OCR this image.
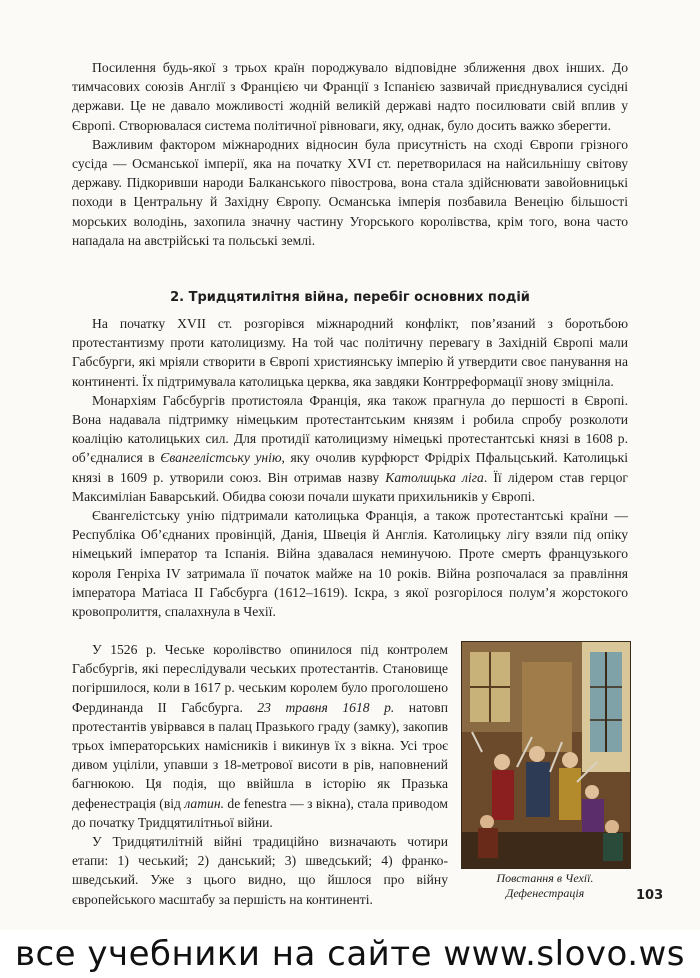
Посилення будь-якої з трьох країн породжувало відповідне зближення двох інших. До тимчасових союзів Англії з Францією чи Франції з Іспанією зазвичай приєднувалися сусідні держави. Це не давало можливості жодній великій державі надто посилювати свій вплив у Європі. Створювалася система політичної рівноваги, яку, однак, було досить важко зберегти.

Важливим фактором міжнародних відносин була присутність на сході Європи грізного сусіда — Османської імперії, яка на початку XVI ст. перетворилася на найсильнішу світову державу. Підкоривши народи Балканського півострова, вона стала здійснювати завойовницькі походи в Центральну й Західну Європу. Османська імперія позбавила Венецію більшості морських володінь, захопила значну частину Угорського королівства, крім того, вона часто нападала на австрійські та польські землі.

2. Тридцятилітня війна, перебіг основних подій

На початку XVII ст. розгорівся міжнародний конфлікт, пов’язаний з боротьбою протестантизму проти католицизму. На той час політичну перевагу в Західній Європі мали Габсбурги, які мріяли створити в Європі християнську імперію й утвердити своє панування на континенті. Їх підтримувала католицька церква, яка завдяки Контрреформації знову зміцніла.

Монархіям Габсбургів протистояла Франція, яка також прагнула до першості в Європі. Вона надавала підтримку німецьким протестантським князям і робила спробу розколоти коаліцію католицьких сил. Для протидії католицизму німецькі протестантські князі в 1608 р. об’єдналися в Євангелістську унію, яку очолив курфюрст Фрідріх Пфальцський. Католицькі князі в 1609 р. утворили союз. Він отримав назву Католицька ліга. Її лідером став герцог Максиміліан Баварський. Обидва союзи почали шукати прихильників у Європі.

Євангелістську унію підтримали католицька Франція, а також протестантські країни — Республіка Об’єднаних провінцій, Данія, Швеція й Англія. Католицьку лігу взяли під опіку німецький імператор та Іспанія. Війна здавалася неминучою. Проте смерть французького короля Генріха IV затримала її початок майже на 10 років. Війна розпочалася за правління імператора Матіаса II Габсбурга (1612–1619). Іскра, з якої розгорілося полум’я жорстокого кровопролиття, спалахнула в Чехії.

У 1526 р. Чеське королівство опинилося під контролем Габсбургів, які переслідували чеських протестантів. Становище погіршилося, коли в 1617 р. чеським королем було проголошено Фердинанда II Габсбурга. 23 травня 1618 р. натовп протестантів увірвався в палац Празького граду (замку), закопив трьох імператорських намісників і викинув їх з вікна. Усі троє дивом уціліли, упавши з 18-метрової висоти в рів, наповнений багнюкою. Ця подія, що ввійшла в історію як Празька дефенестрація (від латин. de fenestra — з вікна), стала приводом до початку Тридцятилітньої війни.

У Тридцятилітній війні традиційно визначають чотири етапи: 1) чеський; 2) данський; 3) шведський; 4) франко-шведський. Уже з цього видно, що йшлося про війну європейського масштабу за першість на континенті.

Повстання в Чехії.
Дефенестрація	103
все учебники на сайте www.slovo.ws
